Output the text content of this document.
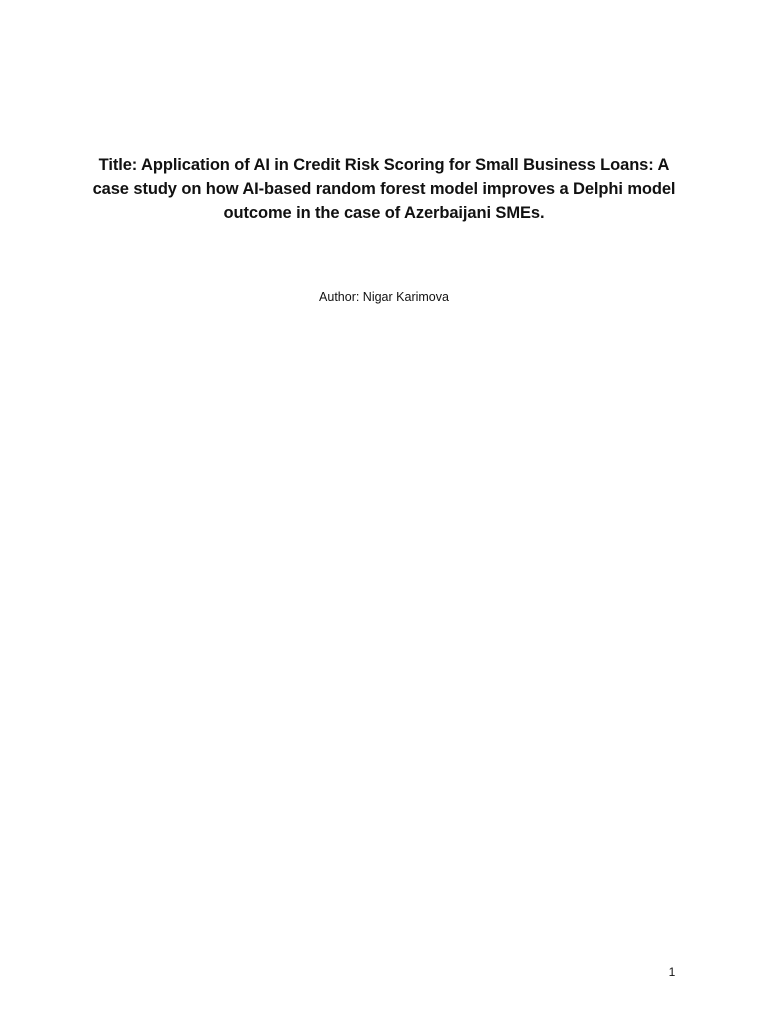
Title: Application of AI in Credit Risk Scoring for Small Business Loans: A case study on how AI-based random forest model improves a Delphi model outcome in the case of Azerbaijani SMEs.
Author: Nigar Karimova
1
